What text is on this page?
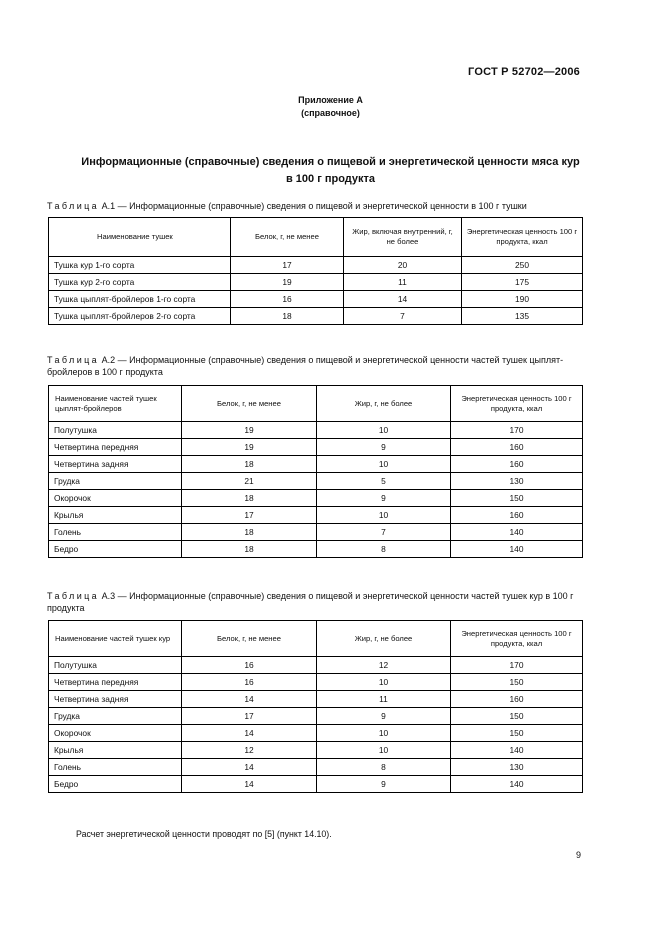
ГОСТ Р 52702—2006
Приложение А
(справочное)
Информационные (справочные) сведения о пищевой и энергетической ценности мяса кур
в 100 г продукта
Таблица А.1 — Информационные (справочные) сведения о пищевой и энергетической ценности в 100 г тушки
Наименование тушек	Белок, г, не менее	Жир, включая внутренний, г, не более	Энергетическая ценность 100 г продукта, ккал
Тушка кур 1-го сорта	17	20	250
Тушка кур 2-го сорта	19	11	175
Тушка цыплят-бройлеров 1-го сорта	16	14	190
Тушка цыплят-бройлеров 2-го сорта	18	7	135
Таблица А.2 — Информационные (справочные) сведения о пищевой и энергетической ценности частей тушек цыплят-бройлеров в 100 г продукта
Наименование частей тушек цыплят-бройлеров	Белок, г, не менее	Жир, г, не более	Энергетическая ценность 100 г продукта, ккал
Полутушка	19	10	170
Четвертина передняя	19	9	160
Четвертина задняя	18	10	160
Грудка	21	5	130
Окорочок	18	9	150
Крылья	17	10	160
Голень	18	7	140
Бедро	18	8	140
Таблица А.3 — Информационные (справочные) сведения о пищевой и энергетической ценности частей тушек кур в 100 г продукта
Наименование частей тушек кур	Белок, г, не менее	Жир, г, не более	Энергетическая ценность 100 г продукта, ккал
Полутушка	16	12	170
Четвертина передняя	16	10	150
Четвертина задняя	14	11	160
Грудка	17	9	150
Окорочок	14	10	150
Крылья	12	10	140
Голень	14	8	130
Бедро	14	9	140
Расчет энергетической ценности проводят по [5] (пункт 14.10).
9
